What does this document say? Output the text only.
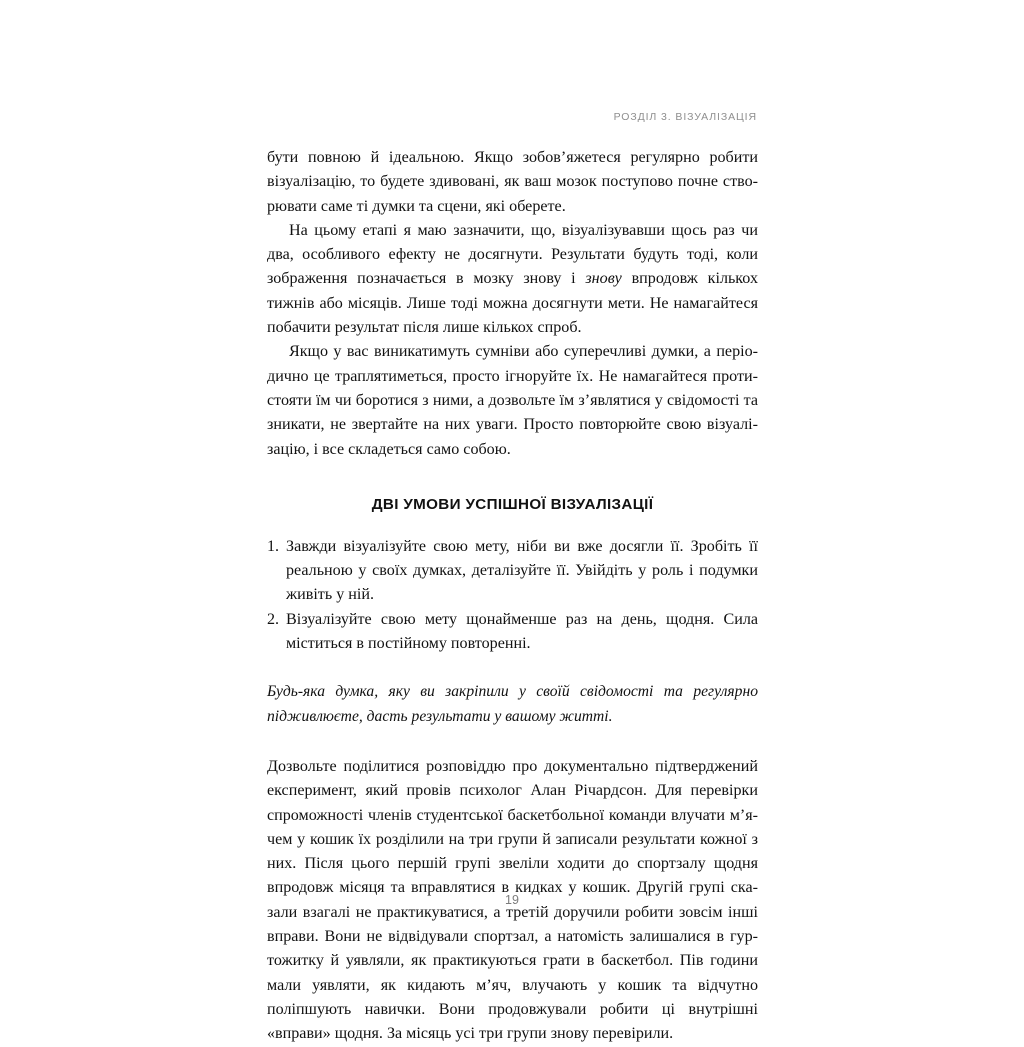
РОЗДІЛ 3. ВІЗУАЛІЗАЦІЯ

бути повною й ідеальною. Якщо зобов’яжетеся регулярно робити візуалізацію, то будете здивовані, як ваш мозок поступово почне створювати саме ті думки та сцени, які оберете.

На цьому етапі я маю зазначити, що, візуалізувавши щось раз чи два, особливого ефекту не досягнути. Результати будуть тоді, коли зображення позначається в мозку знову і знову впродовж кількох тижнів або місяців. Лише тоді можна досягнути мети. Не намагайтеся побачити результат після лише кількох спроб.

Якщо у вас виникатимуть сумніви або суперечливі думки, а періодично це траплятиметься, просто ігноруйте їх. Не намагайтеся протистояти їм чи боротися з ними, а дозвольте їм з’являтися у свідомості та зникати, не звертайте на них уваги. Просто повторюйте свою візуалізацію, і все складеться само собою.

ДВІ УМОВИ УСПІШНОЇ ВІЗУАЛІЗАЦІЇ
1. Завжди візуалізуйте свою мету, ніби ви вже досягли її. Зробіть її реальною у своїх думках, деталізуйте її. Увійдіть у роль і подумки живіть у ній.
2. Візуалізуйте свою мету щонайменше раз на день, щодня. Сила міститься в постійному повторенні.

Будь-яка думка, яку ви закріпили у своїй свідомості та регулярно підживлюєте, дасть результати у вашому житті.

Дозвольте поділитися розповіддю про документально підтверджений експеримент, який провів психолог Алан Річардсон. Для перевірки спроможності членів студентської баскетбольної команди влучати м’ячем у кошик їх розділили на три групи й записали результати кожної з них. Після цього першій групі звеліли ходити до спортзалу щодня впродовж місяця та вправлятися в кидках у кошик. Другій групі сказали взагалі не практикуватися, а третій доручили робити зовсім інші вправи. Вони не відвідували спортзал, а натомість залишалися в гуртожитку й уявляли, як практикуються грати в баскетбол. Пів години мали уявляти, як кидають м’яч, влучають у кошик та відчутно поліпшують навички. Вони продовжували робити ці внутрішні «вправи» щодня. За місяць усі три групи знову перевірили.

19
